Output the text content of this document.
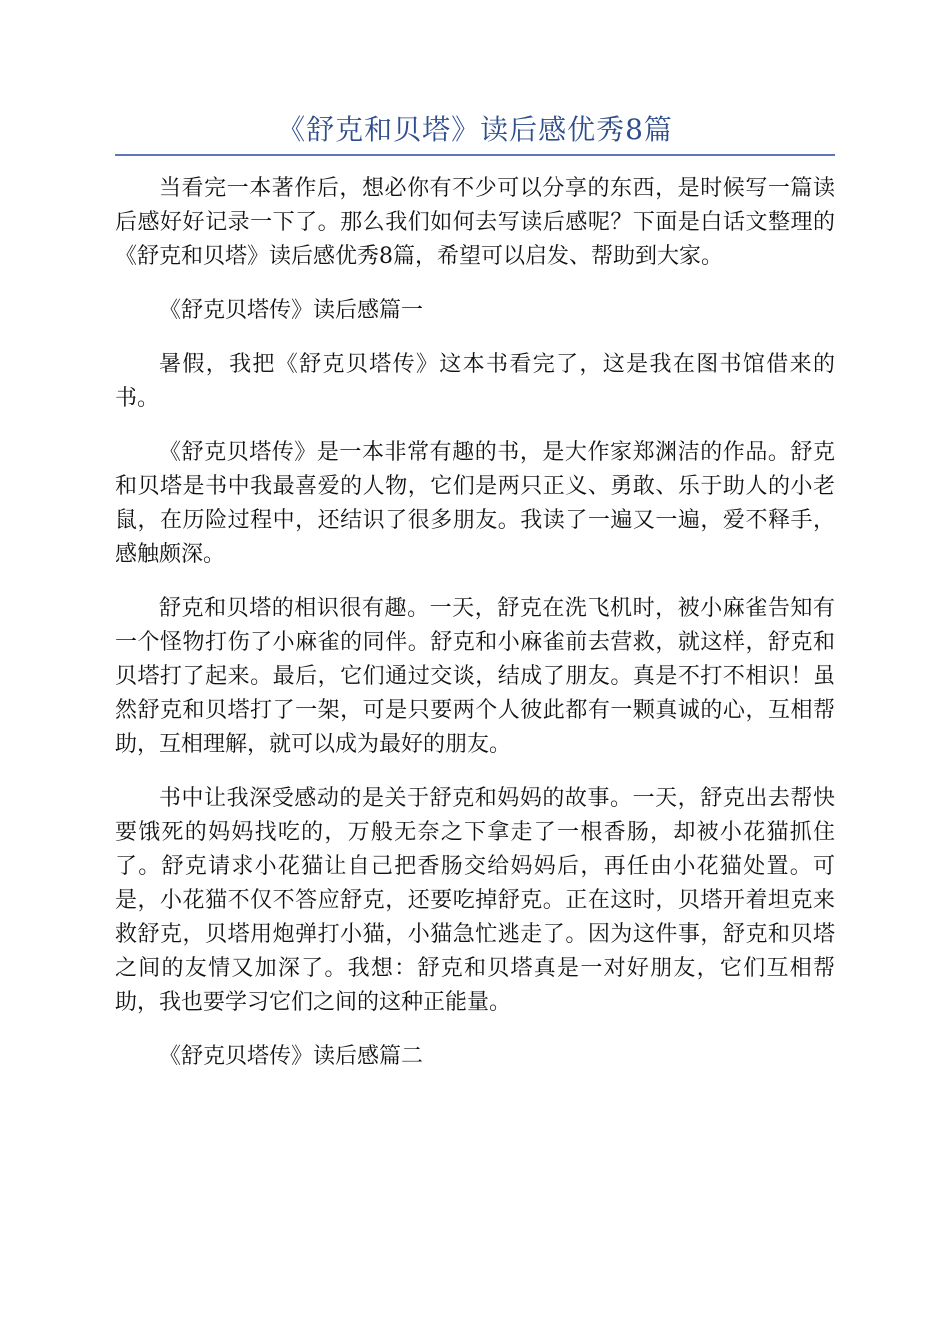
《舒克和贝塔》读后感优秀8篇

当看完一本著作后，想必你有不少可以分享的东西，是时候写一篇读后感好好记录一下了。那么我们如何去写读后感呢？下面是白话文整理的《舒克和贝塔》读后感优秀8篇，希望可以启发、帮助到大家。

《舒克贝塔传》读后感篇一

暑假，我把《舒克贝塔传》这本书看完了，这是我在图书馆借来的书。

《舒克贝塔传》是一本非常有趣的书，是大作家郑渊洁的作品。舒克和贝塔是书中我最喜爱的人物，它们是两只正义、勇敢、乐于助人的小老鼠，在历险过程中，还结识了很多朋友。我读了一遍又一遍，爱不释手，感触颇深。

舒克和贝塔的相识很有趣。一天，舒克在洗飞机时，被小麻雀告知有一个怪物打伤了小麻雀的同伴。舒克和小麻雀前去营救，就这样，舒克和贝塔打了起来。最后，它们通过交谈，结成了朋友。真是不打不相识！虽然舒克和贝塔打了一架，可是只要两个人彼此都有一颗真诚的心，互相帮助，互相理解，就可以成为最好的朋友。

书中让我深受感动的是关于舒克和妈妈的故事。一天，舒克出去帮快要饿死的妈妈找吃的，万般无奈之下拿走了一根香肠，却被小花猫抓住了。舒克请求小花猫让自己把香肠交给妈妈后，再任由小花猫处置。可是，小花猫不仅不答应舒克，还要吃掉舒克。正在这时，贝塔开着坦克来救舒克，贝塔用炮弹打小猫，小猫急忙逃走了。因为这件事，舒克和贝塔之间的友情又加深了。我想：舒克和贝塔真是一对好朋友，它们互相帮助，我也要学习它们之间的这种正能量。

《舒克贝塔传》读后感篇二
